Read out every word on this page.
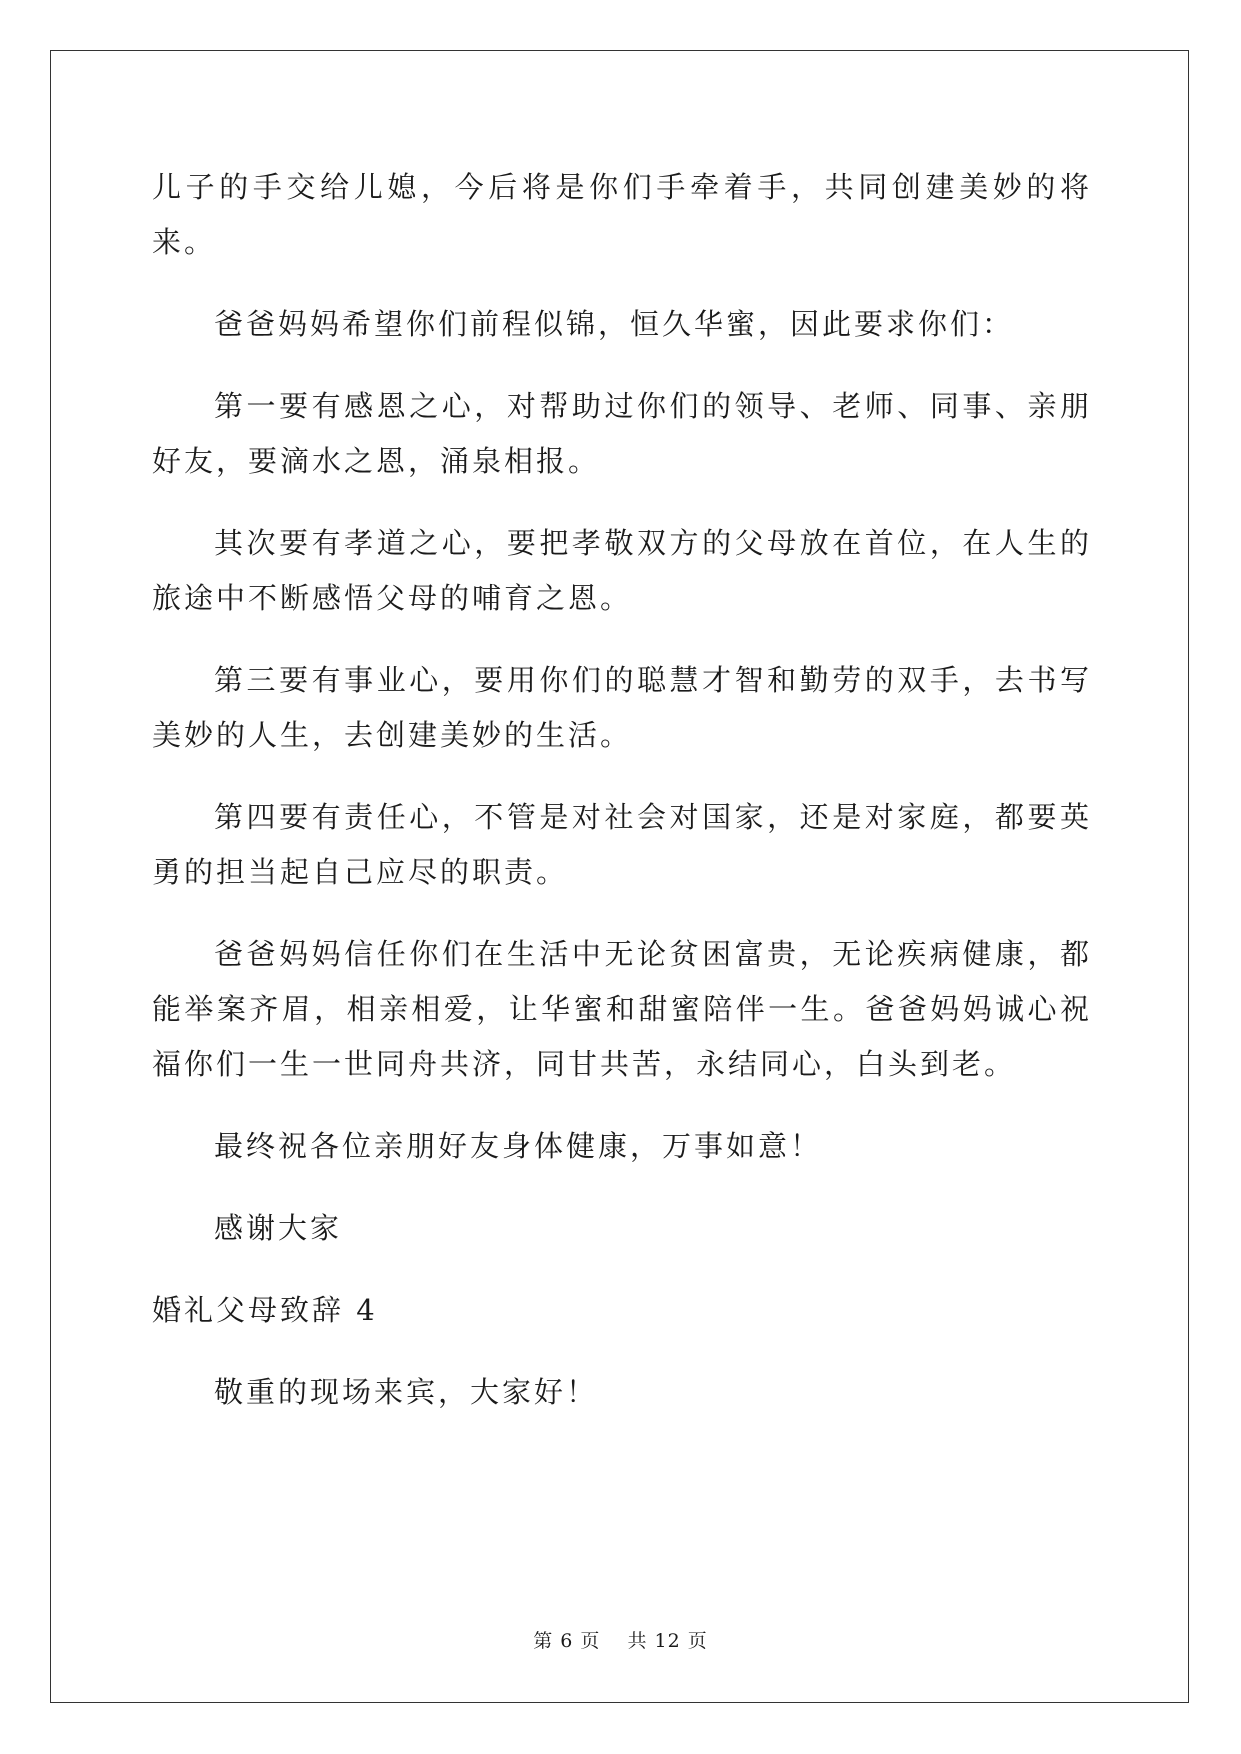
儿子的手交给儿媳，今后将是你们手牵着手，共同创建美妙的将来。

爸爸妈妈希望你们前程似锦，恒久华蜜，因此要求你们：

第一要有感恩之心，对帮助过你们的领导、老师、同事、亲朋好友，要滴水之恩，涌泉相报。

其次要有孝道之心，要把孝敬双方的父母放在首位，在人生的旅途中不断感悟父母的哺育之恩。

第三要有事业心，要用你们的聪慧才智和勤劳的双手，去书写美妙的人生，去创建美妙的生活。

第四要有责任心，不管是对社会对国家，还是对家庭，都要英勇的担当起自己应尽的职责。

爸爸妈妈信任你们在生活中无论贫困富贵，无论疾病健康，都能举案齐眉，相亲相爱，让华蜜和甜蜜陪伴一生。爸爸妈妈诚心祝福你们一生一世同舟共济，同甘共苦，永结同心，白头到老。

最终祝各位亲朋好友身体健康，万事如意！

感谢大家

婚礼父母致辞 4

敬重的现场来宾，大家好！

第 6 页 共 12 页
